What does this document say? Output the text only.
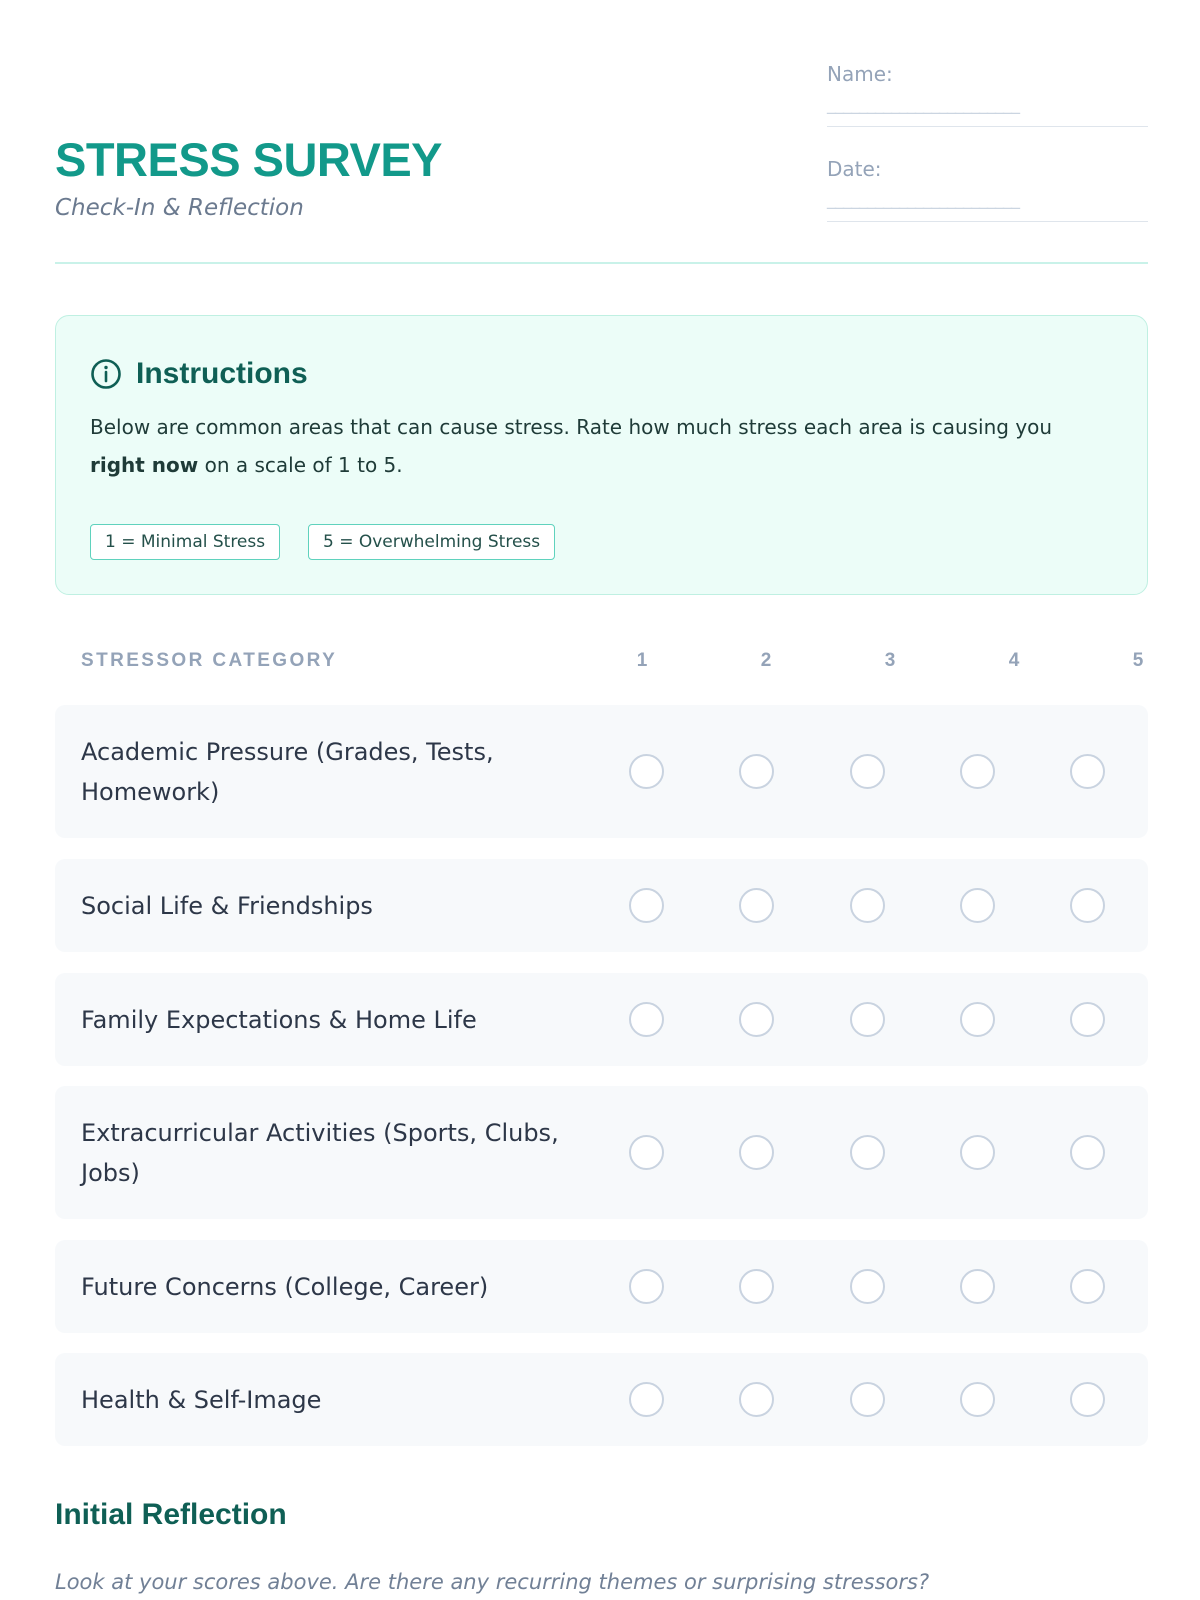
STRESS SURVEY
Check-In & Reflection
Name:
________________________
Date:
________________________
Instructions

Below are common areas that can cause stress. Rate how much stress each area is causing you right now on a scale of 1 to 5.

1 = Minimal Stress	5 = Overwhelming Stress
STRESSOR CATEGORY	1	2	3	4	5
Academic Pressure (Grades, Tests, Homework)
Social Life & Friendships
Family Expectations & Home Life
Extracurricular Activities (Sports, Clubs, Jobs)
Future Concerns (College, Career)
Health & Self-Image
Initial Reflection
Look at your scores above. Are there any recurring themes or surprising stressors?
